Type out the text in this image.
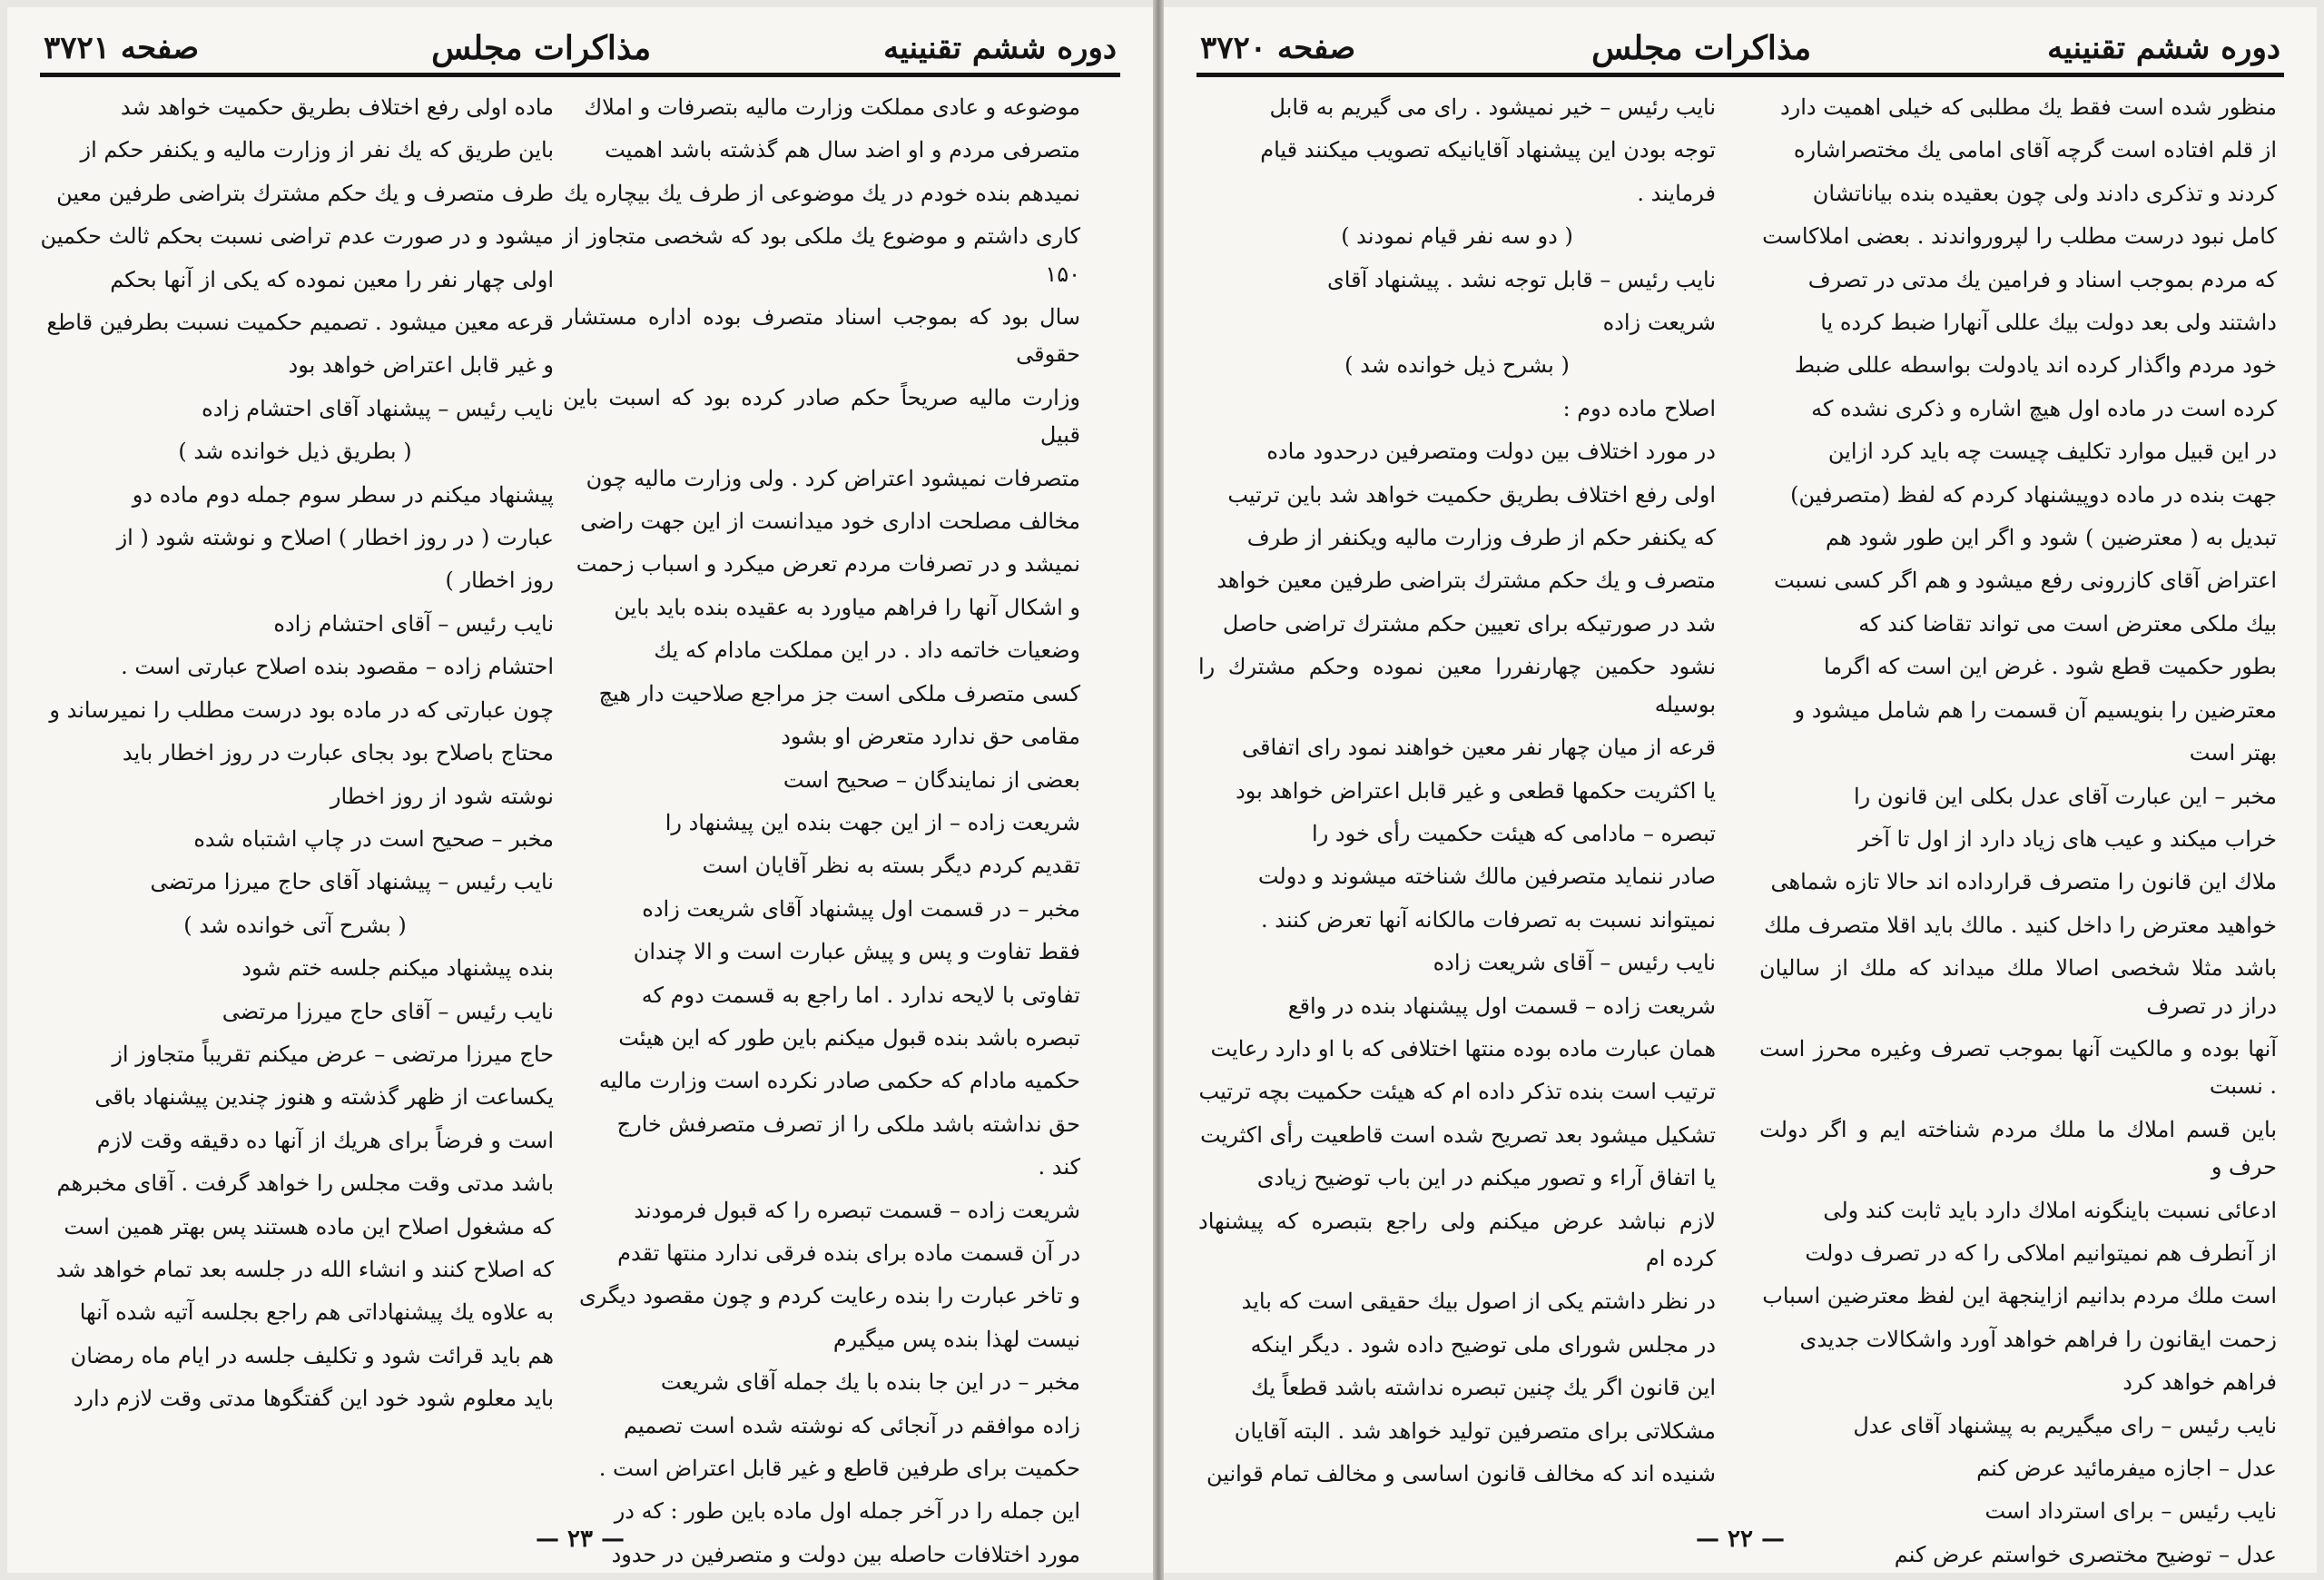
دوره ششم تقنینیه
مذاکرات مجلس
صفحه ۳۷۲۱

موضوعه و عادی مملکت وزارت مالیه بتصرفات و املاك

متصرفی مردم و او اضد سال هم گذشته باشد اهمیت

نمیدهم بنده خودم در یك موضوعی از طرف یك بیچاره یك

کاری داشتم و موضوع یك ملکی بود که شخصی متجاوز از ۱۵۰

سال بود که بموجب اسناد متصرف بوده اداره مستشار حقوقی

وزارت مالیه صریحاً حکم صادر کرده بود که اسبت باین قبیل

متصرفات نمیشود اعتراض کرد . ولی وزارت مالیه چون

مخالف مصلحت اداری خود میدانست از این جهت راضی

نمیشد و در تصرفات مردم تعرض میکرد و اسباب زحمت

و اشکال آنها را فراهم میاورد به عقیده بنده باید باین

وضعیات خاتمه داد . در این مملکت مادام که یك

کسی متصرف ملکی است جز مراجع صلاحیت دار هیچ

مقامی حق ندارد متعرض او بشود

بعضی از نمایندگان – صحیح است

شریعت زاده – از این جهت بنده این پیشنهاد را

تقدیم کردم دیگر بسته به نظر آقایان است

مخبر – در قسمت اول پیشنهاد آقای شریعت زاده

فقط تفاوت و پس و پیش عبارت است و الا چندان

تفاوتی با لایحه ندارد . اما راجع به قسمت دوم که

تبصره باشد بنده قبول میکنم باین طور که این هیئت

حکمیه مادام که حکمی صادر نکرده است وزارت مالیه

حق نداشته باشد ملکی را از تصرف متصرفش خارج

کند .

شریعت زاده – قسمت تبصره را که قبول فرمودند

در آن قسمت ماده برای بنده فرقی ندارد منتها تقدم

و تاخر عبارت را بنده رعایت کردم و چون مقصود دیگری

نیست لهذا بنده پس میگیرم

مخبر – در این جا بنده با یك جمله آقای شریعت

زاده موافقم در آنجائی که نوشته شده است تصمیم

حکمیت برای طرفین قاطع و غیر قابل اعتراض است .

این جمله را در آخر جمله اول ماده باین طور : که در

مورد اختلافات حاصله بین دولت و متصرفین در حدود

ماده اولی رفع اختلاف بطریق حکمیت خواهد شد

باین طریق که یك نفر از وزارت مالیه و یکنفر حکم از

طرف متصرف و یك حکم مشترك بتراضی طرفین معین

میشود و در صورت عدم تراضی نسبت بحکم ثالث حکمین

اولی چهار نفر را معین نموده که یکی از آنها بحکم

قرعه معین میشود . تصمیم حکمیت نسبت بطرفین قاطع

و غیر قابل اعتراض خواهد بود

نایب رئیس – پیشنهاد آقای احتشام زاده

( بطریق ذیل خوانده شد )

پیشنهاد میکنم در سطر سوم جمله دوم ماده دو

عبارت ( در روز اخطار ) اصلاح و نوشته شود ( از

روز اخطار )

نایب رئیس – آقای احتشام زاده

احتشام زاده – مقصود بنده اصلاح عبارتی است .

چون عبارتی که در ماده بود درست مطلب را نمیرساند و

محتاج باصلاح بود بجای عبارت در روز اخطار باید

نوشته شود از روز اخطار

مخبر – صحیح است در چاپ اشتباه شده

نایب رئیس – پیشنهاد آقای حاج میرزا مرتضی

( بشرح آتی خوانده شد )

بنده پیشنهاد میکنم جلسه ختم شود

نایب رئیس – آقای حاج میرزا مرتضی

حاج میرزا مرتضی – عرض میکنم تقریباً متجاوز از

یکساعت از ظهر گذشته و هنوز چندین پیشنهاد باقی

است و فرضاً برای هریك از آنها ده دقیقه وقت لازم

باشد مدتی وقت مجلس را خواهد گرفت . آقای مخبرهم

که مشغول اصلاح این ماده هستند پس بهتر همین است

که اصلاح کنند و انشاء الله در جلسه بعد تمام خواهد شد

به علاوه یك پیشنهاداتی هم راجع بجلسه آتیه شده آنها

هم باید قرائت شود و تکلیف جلسه در ایام ماه رمضان

باید معلوم شود خود این گفتگوها مدتی وقت لازم دارد

— ۲۳ —
دوره ششم تقنینیه
مذاکرات مجلس
صفحه ۳۷۲۰

منظور شده است فقط یك مطلبی که خیلی اهمیت دارد

از قلم افتاده است گرچه آقای امامی یك مختصراشاره

کردند و تذکری دادند ولی چون بعقیده بنده بیاناتشان

کامل نبود درست مطلب را لپرورواندند . بعضی املاکاست

که مردم بموجب اسناد و فرامین یك مدتی در تصرف

داشتند ولی بعد دولت بیك عللی آنهارا ضبط کرده یا

خود مردم واگذار کرده اند یادولت بواسطه عللی ضبط

کرده است در ماده اول هیچ اشاره و ذکری نشده که

در این قبیل موارد تکلیف چیست چه باید کرد ازاین

جهت بنده در ماده دوپیشنهاد کردم که لفظ (متصرفین)

تبدیل به ( معترضین ) شود و اگر این طور شود هم

اعتراض آقای کازرونی رفع میشود و هم اگر کسی نسبت

بیك ملکی معترض است می تواند تقاضا کند که

بطور حکمیت قطع شود . غرض این است که اگرما

معترضین را بنویسیم آن قسمت را هم شامل میشود و

بهتر است

مخبر – این عبارت آقای عدل بکلی این قانون را

خراب میکند و عیب های زیاد دارد از اول تا آخر

ملاك این قانون را متصرف قرارداده اند حالا تازه شماهی

خواهید معترض را داخل کنید . مالك باید اقلا متصرف ملك

باشد مثلا شخصی اصالا ملك میداند که ملك از سالیان دراز در تصرف

آنها بوده و مالکیت آنها بموجب تصرف وغیره محرز است . نسبت

باین قسم املاك ما ملك مردم شناخته ایم و اگر دولت حرف و

ادعائی نسبت باینگونه املاك دارد باید ثابت کند ولی

از آنطرف هم نمیتوانیم املاکی را که در تصرف دولت

است ملك مردم بدانیم ازاینجهة این لفظ معترضین اسباب

زحمت ایقانون را فراهم خواهد آورد واشکالات جدیدی

فراهم خواهد کرد

نایب رئیس – رای میگیریم به پیشنهاد آقای عدل

عدل – اجازه میفرمائید عرض کنم

نایب رئیس – برای استرداد است

عدل – توضیح مختصری خواستم عرض کنم

نایب رئیس – خیر نمیشود . رای می گیریم به قابل

توجه بودن این پیشنهاد آقایانیکه تصویب میکنند قیام

فرمایند .

( دو سه نفر قیام نمودند )

نایب رئیس – قابل توجه نشد . پیشنهاد آقای

شریعت زاده

( بشرح ذیل خوانده شد )

اصلاح ماده دوم :

در مورد اختلاف بین دولت ومتصرفین درحدود ماده

اولی رفع اختلاف بطریق حکمیت خواهد شد باین ترتیب

که یکنفر حکم از طرف وزارت مالیه ویکنفر از طرف

متصرف و یك حکم مشترك بتراضی طرفین معین خواهد

شد در صورتیکه برای تعیین حکم مشترك تراضی حاصل

نشود حکمین چهارنفررا معین نموده وحکم مشترك را بوسیله

قرعه از میان چهار نفر معین خواهند نمود رای اتفاقی

یا اکثریت حکمها قطعی و غیر قابل اعتراض خواهد بود

تبصره – مادامی که هیئت حکمیت رأی خود را

صادر ننماید متصرفین مالك شناخته میشوند و دولت

نمیتواند نسبت به تصرفات مالکانه آنها تعرض کنند .

نایب رئیس – آقای شریعت زاده

شریعت زاده – قسمت اول پیشنهاد بنده در واقع

همان عبارت ماده بوده منتها اختلافی که با او دارد رعایت

ترتیب است بنده تذکر داده ام که هیئت حکمیت بچه ترتیب

تشکیل میشود بعد تصریح شده است قاطعیت رأی اکثریت

یا اتفاق آراء و تصور میکنم در این باب توضیح زیادی

لازم نباشد عرض میکنم ولی راجع بتبصره که پیشنهاد کرده ام

در نظر داشتم یکی از اصول بیك حقیقی است که باید

در مجلس شورای ملی توضیح داده شود . دیگر اینکه

این قانون اگر یك چنین تبصره نداشته باشد قطعاً یك

مشکلاتی برای متصرفین تولید خواهد شد . البته آقایان

شنیده اند که مخالف قانون اساسی و مخالف تمام قوانین

— ۲۲ —
